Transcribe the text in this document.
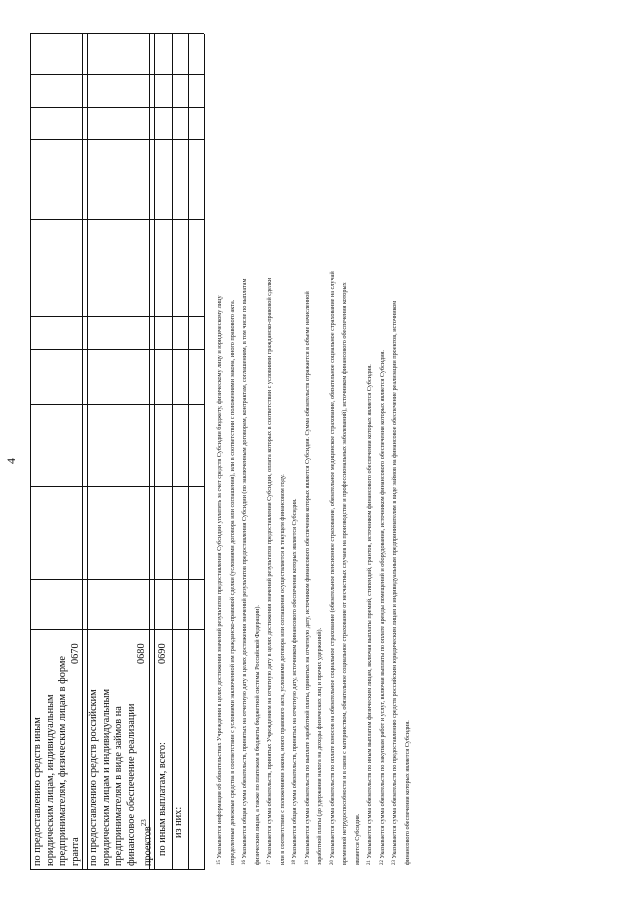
4
по предоставлению средств иным юридическим лицам, индивидуальным предпринимателям, физическим лицам в форме гранта
0670
по предоставлению средств российским юридическим лицам и индивидуальным предпринимателям в виде займов на финансовое обеспечение реализации проектов$^{23}$
0680
по иным выплатам, всего:
0690
из них:
$^{15}$ Указывается информация об обязательствах Учреждения в целях достижения значений результатов предоставления Субсидии уплатить за счет средств Субсидии бюджету, физическому лицу и юридическому лицу определенные денежные средства в соответствии с условиями заключенной им гражданско-правовой сделки (условиями договора или соглашения), или в соответствии с положениями закона, иного правового акта.	$^{16}$ Указывается общая сумма обязательств, принятых на отчетную дату в целях достижения значений результатов предоставления Субсидии (по заключенным договорам, контрактам, соглашениям, в том числе по выплатам физическим лицам, а также по платежам в бюджеты бюджетной системы Российской Федерации).	$^{17}$ Указывается сумма обязательств, принятых Учреждением на отчетную дату в целях достижения значений результатов предоставления Субсидии, оплата которых в соответствии с условиями гражданско-правовой сделки или в соответствии с положениями закона, иного правового акта, условиями договора или соглашения осуществляется в текущем финансовом году.	$^{18}$ Указывается общая сумма обязательств, принятых на отчетную дату, источником финансового обеспечения которых является Субсидия.
$^{19}$ Указывается сумма обязательств по выплате заработной платы, принятых на отчетную дату, источником финансового обеспечения которых является Субсидия. Сумма обязательств отражается в объеме начисленной заработной платы (до удержания налога на доходы физических лиц и прочих удержаний).	$^{20}$ Указывается сумма обязательств по оплате взносов на обязательное социальное страхование (обязательное пенсионное страхование, обязательное медицинское страхование, обязательное социальное страхование на случай временной нетрудоспособности и в связи с материнством, обязательное социальное страхование от несчастных случаев на производстве и профессиональных заболеваний), источником финансового обеспечения которых является Субсидия.	$^{21}$ Указывается сумма обязательств по иным выплатам физическим лицам, включая выплаты премий, стипендий, грантов, источником финансового обеспечения которых является Субсидия.
$^{22}$ Указывается сумма обязательств по закупкам работ и услуг, включая выплаты по оплате аренды помещений и оборудования, источником финансового обеспечения которых является Субсидия.
$^{23}$ Указывается сумма обязательств по предоставлению средств российским юридическим лицам и индивидуальным предпринимателям в виде займов на финансовое обеспечение реализации проектов, источником финансового обеспечения которых является Субсидия.
